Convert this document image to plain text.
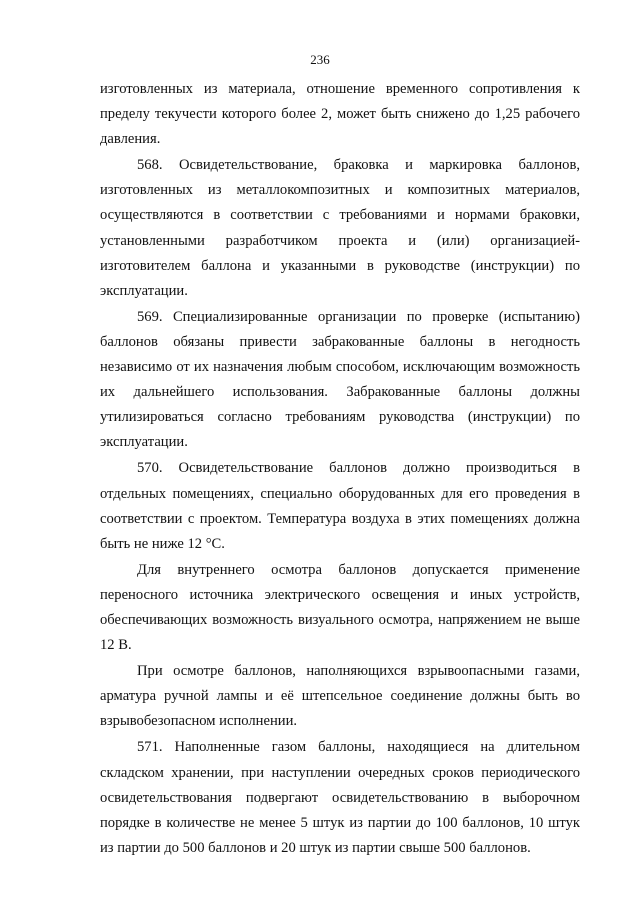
236

изготовленных из материала, отношение временного сопротивления к пределу текучести которого более 2, может быть снижено до 1,25 рабочего давления.

568. Освидетельствование, браковка и маркировка баллонов, изготовленных из металлокомпозитных и композитных материалов, осуществляются в соответствии с требованиями и нормами браковки, установленными разработчиком проекта и (или) организацией-изготовителем баллона и указанными в руководстве (инструкции) по эксплуатации.

569. Специализированные организации по проверке (испытанию) баллонов обязаны привести забракованные баллоны в негодность независимо от их назначения любым способом, исключающим возможность их дальнейшего использования. Забракованные баллоны должны утилизироваться согласно требованиям руководства (инструкции) по эксплуатации.

570. Освидетельствование баллонов должно производиться в отдельных помещениях, специально оборудованных для его проведения в соответствии с проектом. Температура воздуха в этих помещениях должна быть не ниже 12 °С.

Для внутреннего осмотра баллонов допускается применение переносного источника электрического освещения и иных устройств, обеспечивающих возможность визуального осмотра, напряжением не выше 12 В.

При осмотре баллонов, наполняющихся взрывоопасными газами, арматура ручной лампы и её штепсельное соединение должны быть во взрывобезопасном исполнении.

571. Наполненные газом баллоны, находящиеся на длительном складском хранении, при наступлении очередных сроков периодического освидетельствования подвергают освидетельствованию в выборочном порядке в количестве не менее 5 штук из партии до 100 баллонов, 10 штук из партии до 500 баллонов и 20 штук из партии свыше 500 баллонов.
